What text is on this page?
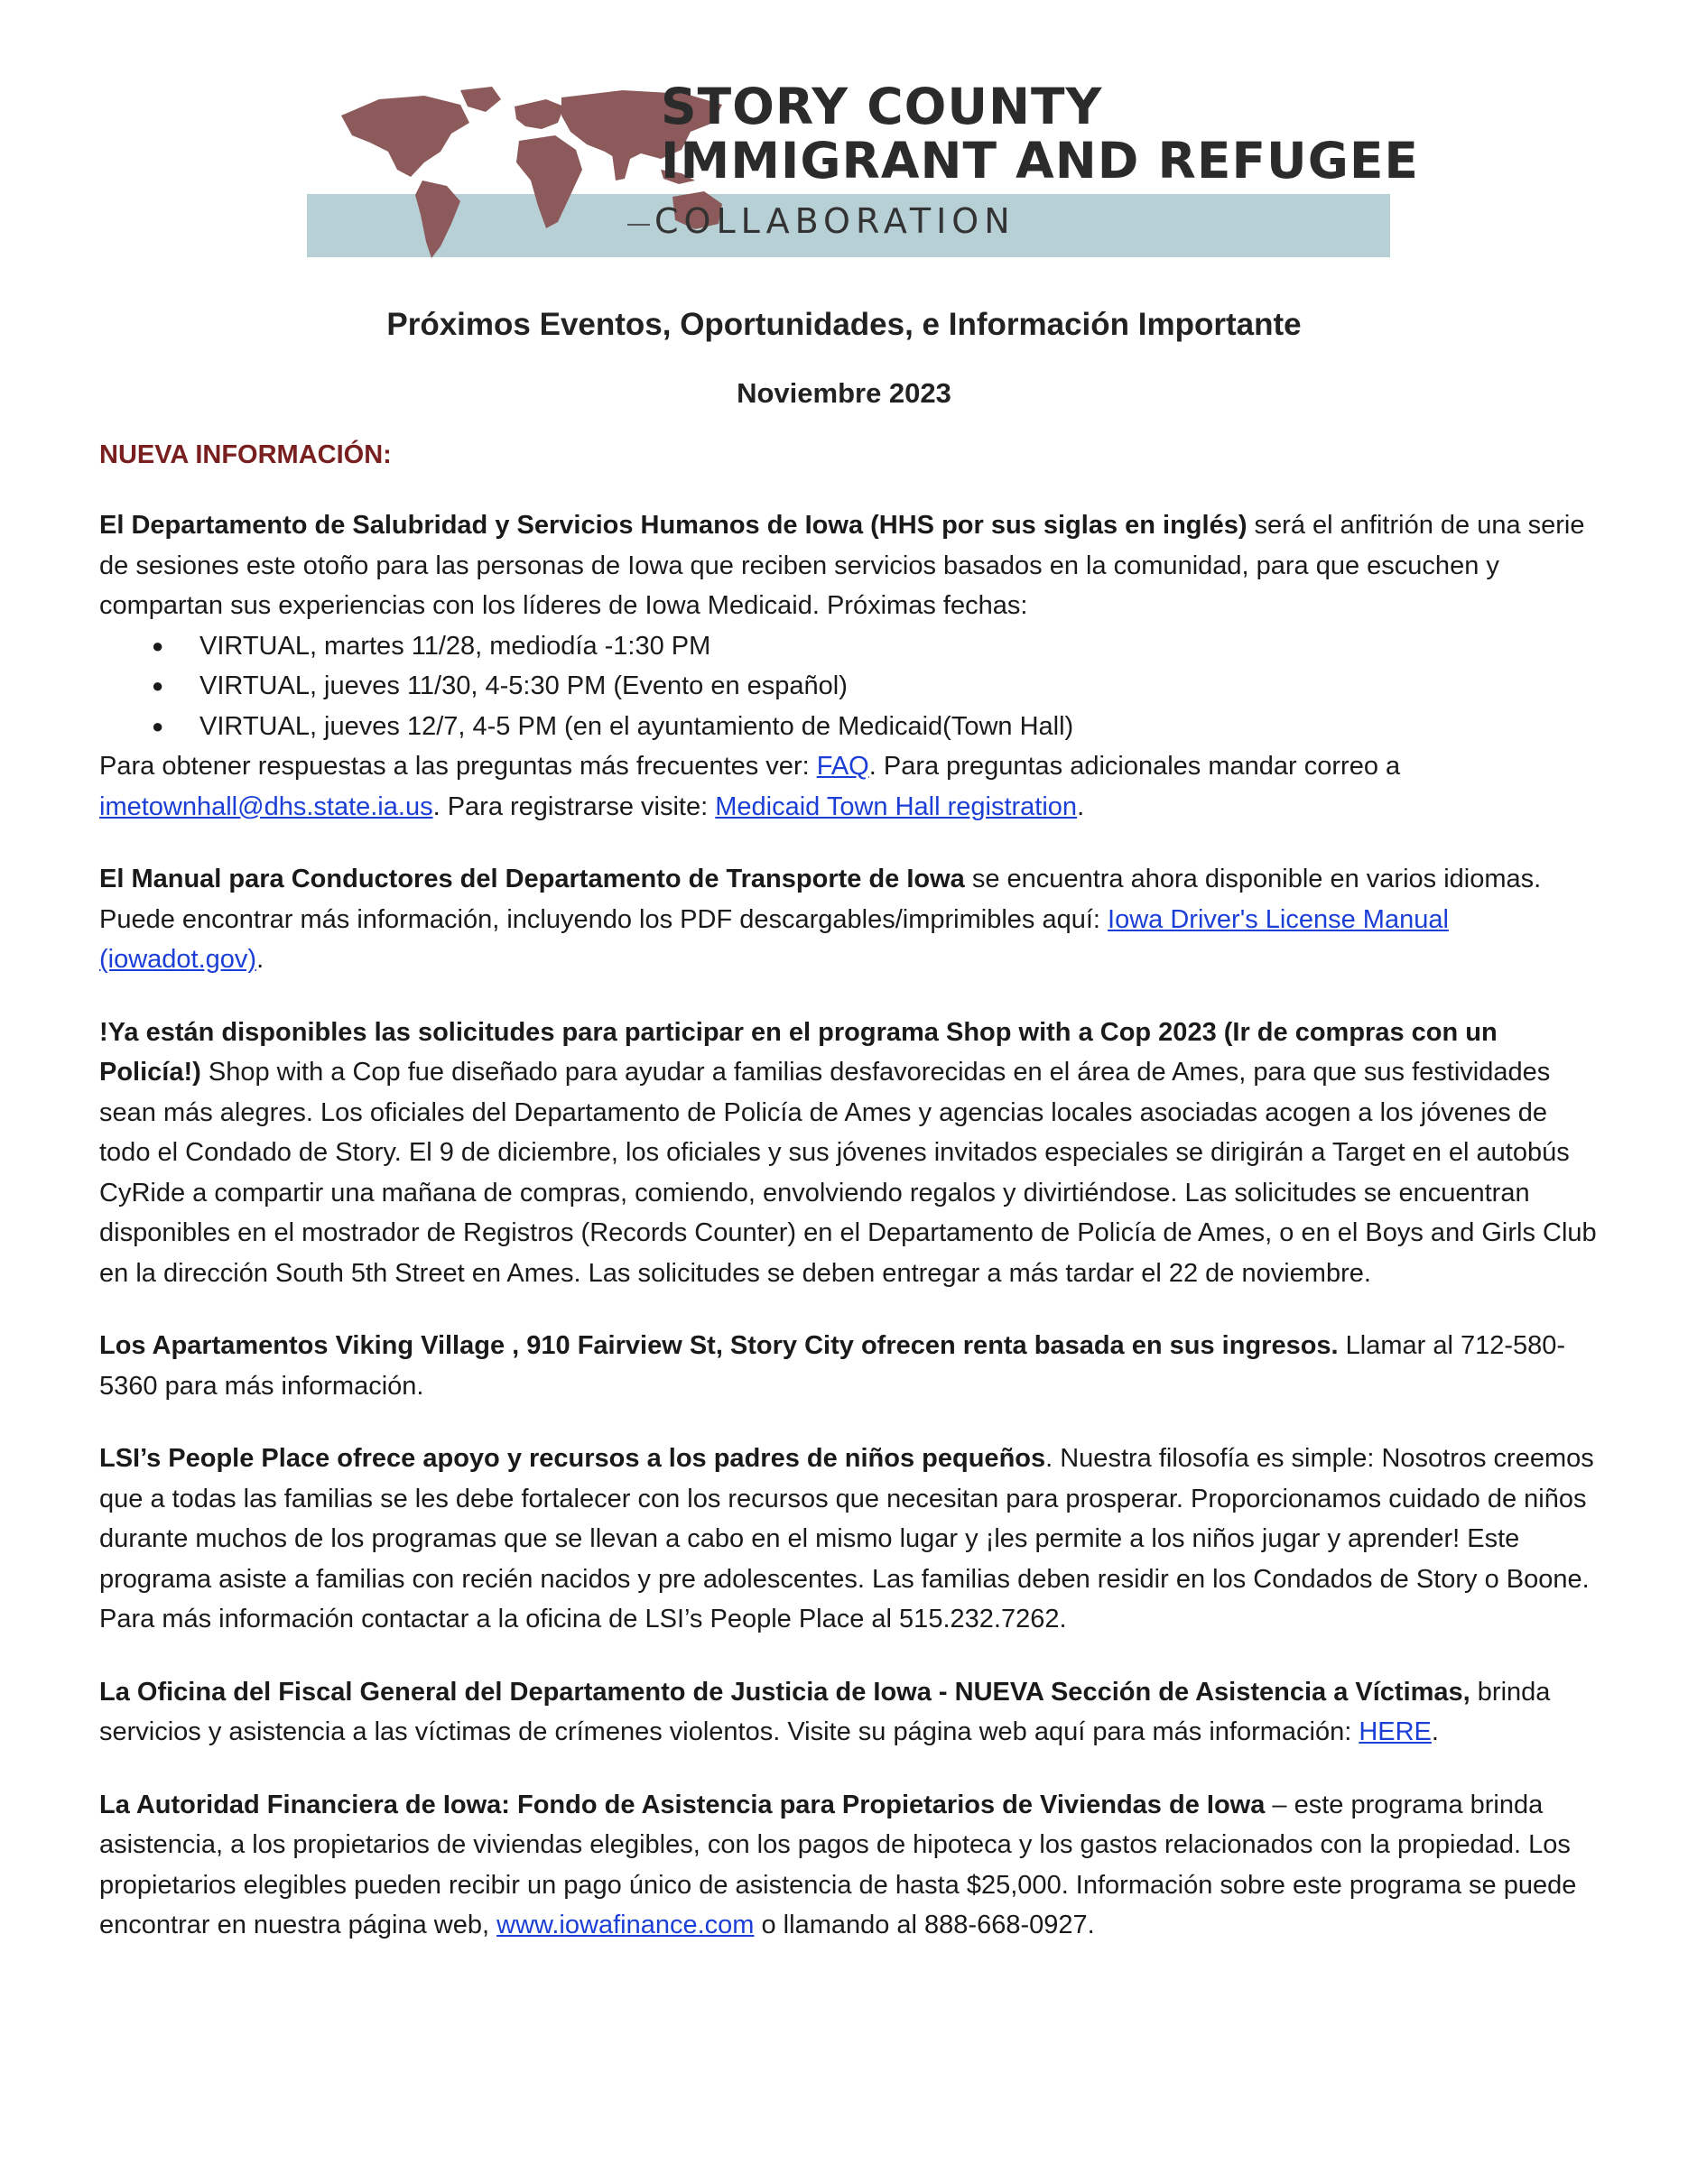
STORY COUNTY
IMMIGRANT AND REFUGEE
COLLABORATION
Próximos Eventos, Oportunidades, e Información Importante
Noviembre 2023
NUEVA INFORMACIÓN:
El Departamento de Salubridad y Servicios Humanos de Iowa (HHS por sus siglas en inglés) será el anfitrión de una serie de sesiones este otoño para las personas de Iowa que reciben servicios basados en la comunidad, para que escuchen y compartan sus experiencias con los líderes de Iowa Medicaid. Próximas fechas:
● VIRTUAL, martes 11/28, mediodía -1:30 PM
● VIRTUAL, jueves 11/30, 4-5:30 PM (Evento en español)
● VIRTUAL, jueves 12/7, 4-5 PM (en el ayuntamiento de Medicaid(Town Hall)
Para obtener respuestas a las preguntas más frecuentes ver: FAQ. Para preguntas adicionales mandar correo a imetownhall@dhs.state.ia.us. Para registrarse visite: Medicaid Town Hall registration.

El Manual para Conductores del Departamento de Transporte de Iowa se encuentra ahora disponible en varios idiomas. Puede encontrar más información, incluyendo los PDF descargables/imprimibles aquí: Iowa Driver's License Manual (iowadot.gov).

!Ya están disponibles las solicitudes para participar en el programa Shop with a Cop 2023 (Ir de compras con un Policía!) Shop with a Cop fue diseñado para ayudar a familias desfavorecidas en el área de Ames, para que sus festividades sean más alegres. Los oficiales del Departamento de Policía de Ames y agencias locales asociadas acogen a los jóvenes de todo el Condado de Story. El 9 de diciembre, los oficiales y sus jóvenes invitados especiales se dirigirán a Target en el autobús CyRide a compartir una mañana de compras, comiendo, envolviendo regalos y divirtiéndose. Las solicitudes se encuentran disponibles en el mostrador de Registros (Records Counter) en el Departamento de Policía de Ames, o en el Boys and Girls Club en la dirección South 5th Street en Ames. Las solicitudes se deben entregar a más tardar el 22 de noviembre.

Los Apartamentos Viking Village , 910 Fairview St, Story City ofrecen renta basada en sus ingresos. Llamar al 712-580-5360 para más información.

LSI’s People Place ofrece apoyo y recursos a los padres de niños pequeños. Nuestra filosofía es simple: Nosotros creemos que a todas las familias se les debe fortalecer con los recursos que necesitan para prosperar. Proporcionamos cuidado de niños durante muchos de los programas que se llevan a cabo en el mismo lugar y ¡les permite a los niños jugar y aprender! Este programa asiste a familias con recién nacidos y pre adolescentes. Las familias deben residir en los Condados de Story o Boone. Para más información contactar a la oficina de LSI’s People Place al 515.232.7262.

La Oficina del Fiscal General del Departamento de Justicia de Iowa - NUEVA Sección de Asistencia a Víctimas, brinda servicios y asistencia a las víctimas de crímenes violentos. Visite su página web aquí para más información: HERE.

La Autoridad Financiera de Iowa: Fondo de Asistencia para Propietarios de Viviendas de Iowa – este programa brinda asistencia, a los propietarios de viviendas elegibles, con los pagos de hipoteca y los gastos relacionados con la propiedad. Los propietarios elegibles pueden recibir un pago único de asistencia de hasta $25,000. Información sobre este programa se puede encontrar en nuestra página web, www.iowafinance.com o llamando al 888-668-0927.
